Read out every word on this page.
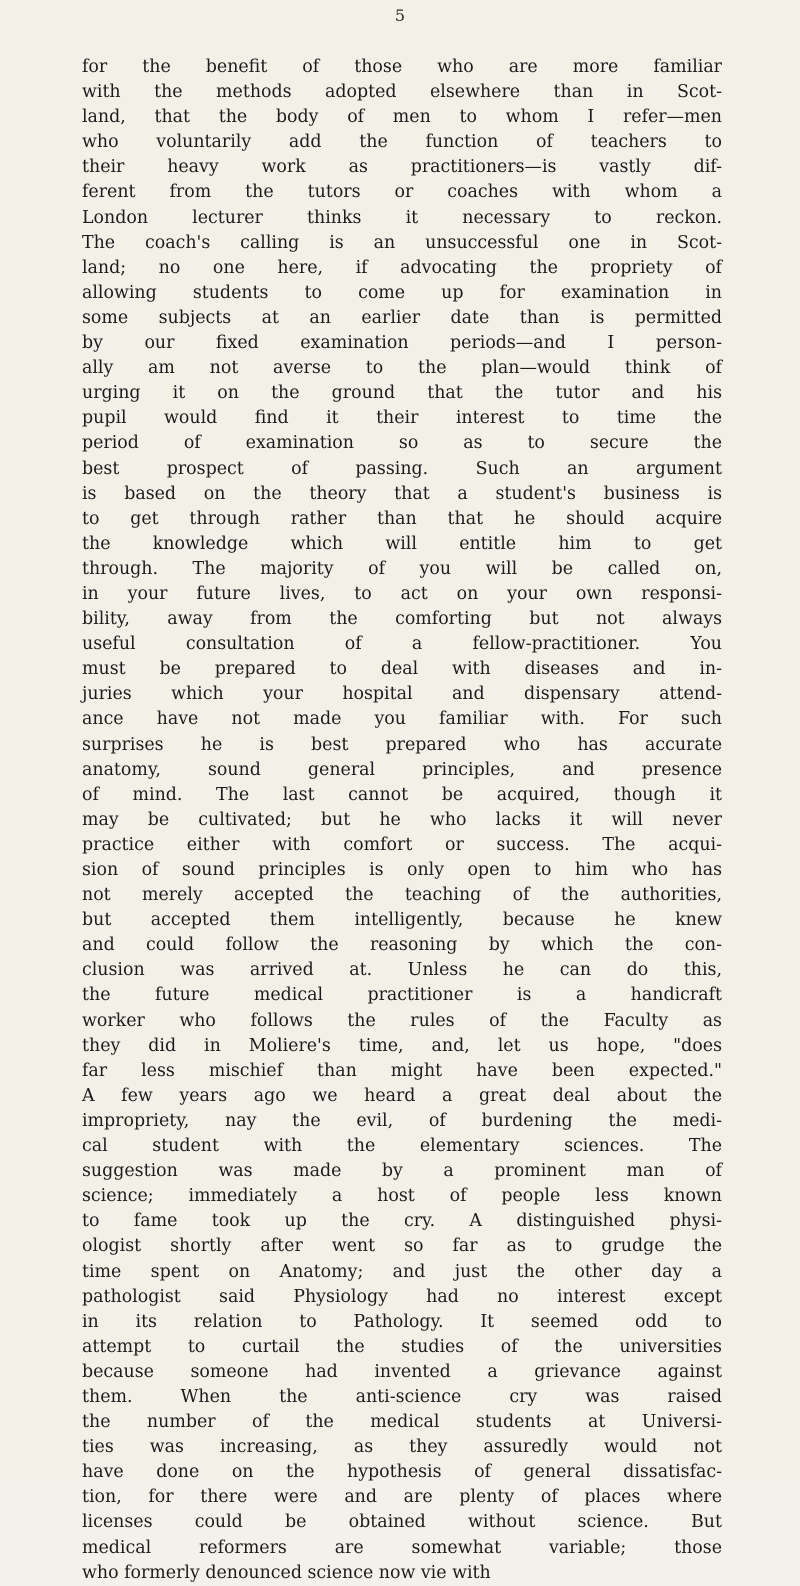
5
for the benefit of those who are more familiar
with the methods adopted elsewhere than in Scot-
land, that the body of men to whom I refer—men
who voluntarily add the function of teachers to
their heavy work as practitioners—is vastly dif-
ferent from the tutors or coaches with whom a
London lecturer thinks it necessary to reckon.
The coach's calling is an unsuccessful one in Scot-
land; no one here, if advocating the propriety of
allowing students to come up for examination in
some subjects at an earlier date than is permitted
by our fixed examination periods—and I person-
ally am not averse to the plan—would think of
urging it on the ground that the tutor and his
pupil would find it their interest to time the
period of examination so as to secure the
best prospect of passing. Such an argument
is based on the theory that a student's business is
to get through rather than that he should acquire
the knowledge which will entitle him to get
through. The majority of you will be called on,
in your future lives, to act on your own responsi-
bility, away from the comforting but not always
useful consultation of a fellow-practitioner. You
must be prepared to deal with diseases and in-
juries which your hospital and dispensary attend-
ance have not made you familiar with. For such
surprises he is best prepared who has accurate
anatomy, sound general principles, and presence
of mind. The last cannot be acquired, though it
may be cultivated; but he who lacks it will never
practice either with comfort or success. The acqui-
sion of sound principles is only open to him who has
not merely accepted the teaching of the authorities,
but accepted them intelligently, because he knew
and could follow the reasoning by which the con-
clusion was arrived at. Unless he can do this,
the future medical practitioner is a handicraft
worker who follows the rules of the Faculty as
they did in Moliere's time, and, let us hope, "does
far less mischief than might have been expected."
A few years ago we heard a great deal about the
impropriety, nay the evil, of burdening the medi-
cal student with the elementary sciences. The
suggestion was made by a prominent man of
science; immediately a host of people less known
to fame took up the cry. A distinguished physi-
ologist shortly after went so far as to grudge the
time spent on Anatomy; and just the other day a
pathologist said Physiology had no interest except
in its relation to Pathology. It seemed odd to
attempt to curtail the studies of the universities
because someone had invented a grievance against
them. When the anti-science cry was raised
the number of the medical students at Universi-
ties was increasing, as they assuredly would not
have done on the hypothesis of general dissatisfac-
tion, for there were and are plenty of places where
licenses could be obtained without science. But
medical reformers are somewhat variable; those
who formerly denounced science now vie with
